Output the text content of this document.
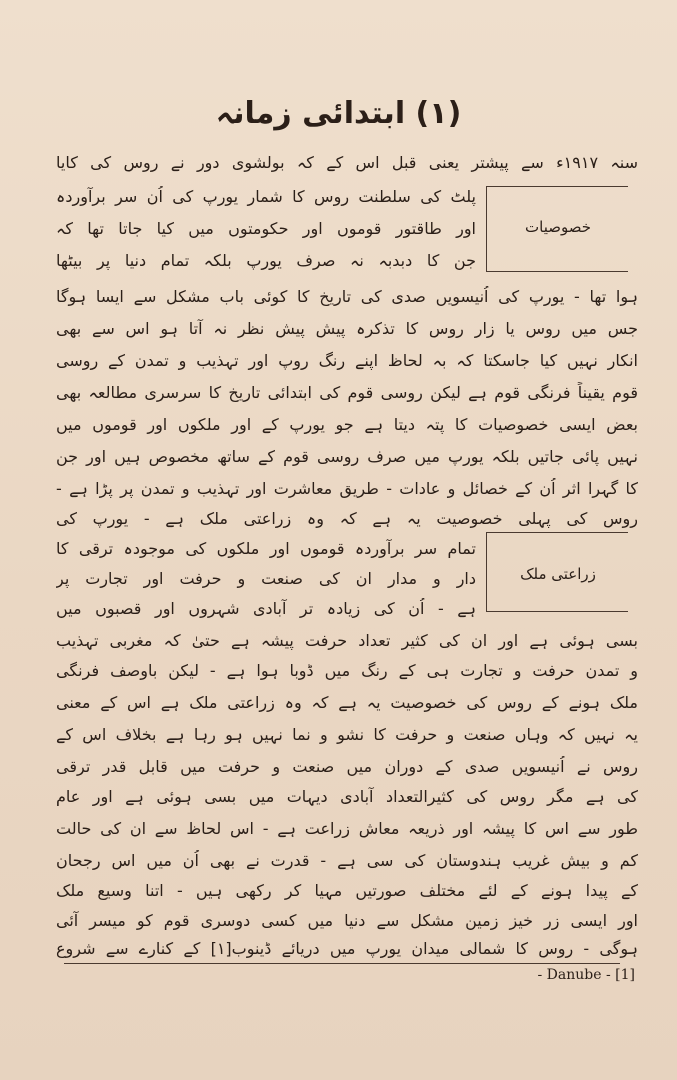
(۱) ابتدائی زمانہ
خصوصیات
زراعتی ملک
سنہ ۱۹۱۷ء سے پیشتر یعنی قبل اس کے کہ بولشوی دور نے روس کی کایا
پلٹ کی سلطنت روس کا شمار یورپ کی اُن سر برآوردہ
اور طاقتور قوموں اور حکومتوں میں کیا جاتا تھا کہ
جن کا دبدبہ نہ صرف یورپ بلکہ تمام دنیا پر بیٹھا
ہوا تھا - یورپ کی اُنیسویں صدی کی تاریخ کا کوئی باب مشکل سے ایسا ہوگا
جس میں روس یا زار روس کا تذکرہ پیش پیش نظر نہ آتا ہو اس سے بھی
انکار نہیں کیا جاسکتا کہ بہ لحاظ اپنے رنگ روپ اور تہذیب و تمدن کے روسی
قوم یقیناً فرنگی قوم ہے لیکن روسی قوم کی ابتدائی تاریخ کا سرسری مطالعہ بھی
بعض ایسی خصوصیات کا پتہ دیتا ہے جو یورپ کے اور ملکوں اور قوموں میں
نہیں پائی جاتیں بلکہ یورپ میں صرف روسی قوم کے ساتھ مخصوص ہیں اور جن
کا گہرا اثر اُن کے خصائل و عادات - طریق معاشرت اور تہذیب و تمدن پر پڑا ہے -
روس کی پہلی خصوصیت یہ ہے کہ وہ زراعتی ملک ہے - یورپ کی
تمام سر برآوردہ قوموں اور ملکوں کی موجودہ ترقی کا
دار و مدار ان کی صنعت و حرفت اور تجارت پر
ہے - اُن کی زیادہ تر آبادی شہروں اور قصبوں میں
بسی ہوئی ہے اور ان کی کثیر تعداد حرفت پیشہ ہے حتیٰ کہ مغربی تہذیب
و تمدن حرفت و تجارت ہی کے رنگ میں ڈوبا ہوا ہے - لیکن باوصف فرنگی
ملک ہونے کے روس کی خصوصیت یہ ہے کہ وہ زراعتی ملک ہے اس کے معنی
یہ نہیں کہ وہاں صنعت و حرفت کا نشو و نما نہیں ہو رہا ہے بخلاف اس کے
روس نے اُنیسویں صدی کے دوران میں صنعت و حرفت میں قابل قدر ترقی
کی ہے مگر روس کی کثیرالتعداد آبادی دیہات میں بسی ہوئی ہے اور عام
طور سے اس کا پیشہ اور ذریعہ معاش زراعت ہے - اس لحاظ سے ان کی حالت
کم و بیش غریب ہندوستان کی سی ہے - قدرت نے بھی اُن میں اس رجحان
کے پیدا ہونے کے لئے مختلف صورتیں مہیا کر رکھی ہیں - اتنا وسیع ملک
اور ایسی زر خیز زمین مشکل سے دنیا میں کسی دوسری قوم کو میسر آئی
ہوگی - روس کا شمالی میدان یورپ میں دریائے ڈینوب[۱] کے کنارے سے شروع
- Danube - [1]
